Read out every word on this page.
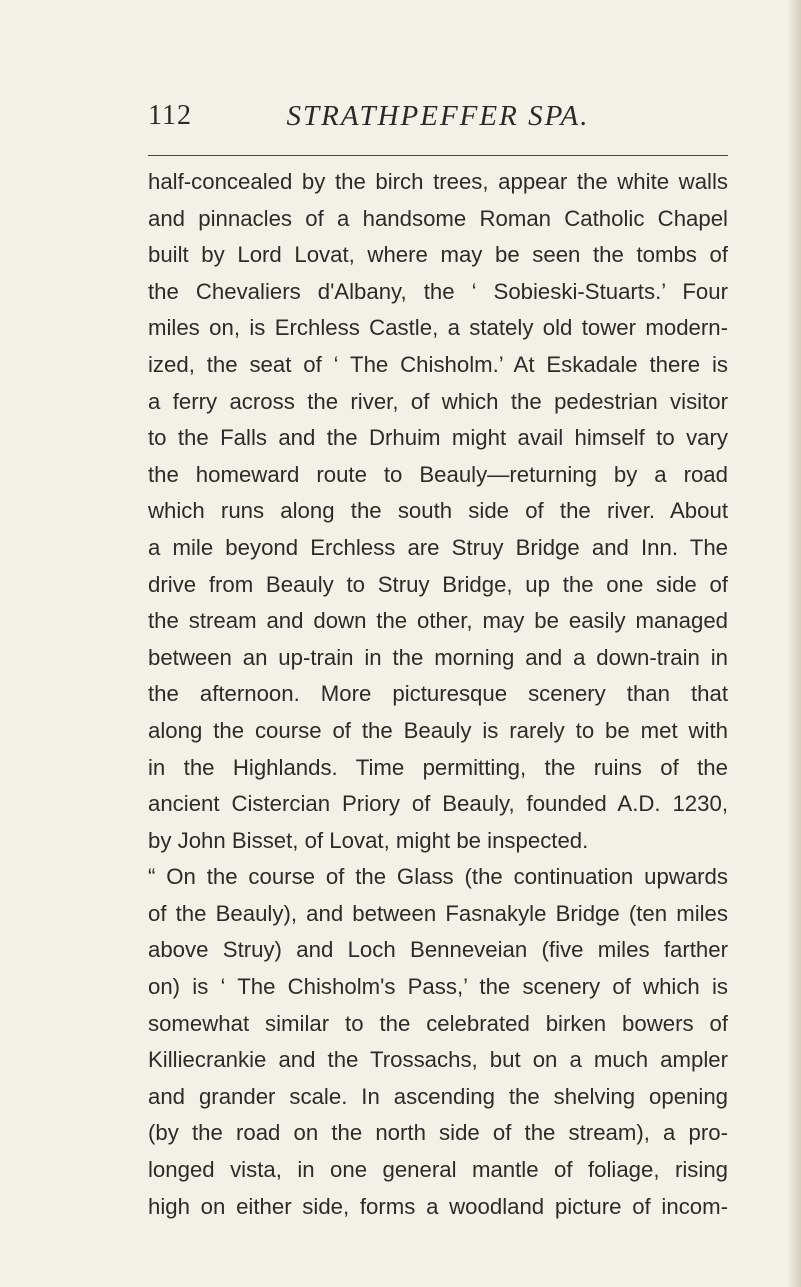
112	STRATHPEFFER SPA.
half-concealed by the birch trees, appear the white walls
and pinnacles of a handsome Roman Catholic Chapel
built by Lord Lovat, where may be seen the tombs of
the Chevaliers d'Albany, the ‘ Sobieski-Stuarts.’ Four
miles on, is Erchless Castle, a stately old tower modern-
ized, the seat of ‘ The Chisholm.’ At Eskadale there is
a ferry across the river, of which the pedestrian visitor
to the Falls and the Drhuim might avail himself to vary
the homeward route to Beauly—returning by a road
which runs along the south side of the river. About
a mile beyond Erchless are Struy Bridge and Inn. The
drive from Beauly to Struy Bridge, up the one side of
the stream and down the other, may be easily managed
between an up-train in the morning and a down-train in
the afternoon. More picturesque scenery than that
along the course of the Beauly is rarely to be met with
in the Highlands. Time permitting, the ruins of the
ancient Cistercian Priory of Beauly, founded A.D. 1230,
by John Bisset, of Lovat, might be inspected.
“ On the course of the Glass (the continuation upwards
of the Beauly), and between Fasnakyle Bridge (ten miles
above Struy) and Loch Benneveian (five miles farther
on) is ‘ The Chisholm's Pass,’ the scenery of which is
somewhat similar to the celebrated birken bowers of
Killiecrankie and the Trossachs, but on a much ampler
and grander scale. In ascending the shelving opening
(by the road on the north side of the stream), a pro-
longed vista, in one general mantle of foliage, rising
high on either side, forms a woodland picture of incom-
